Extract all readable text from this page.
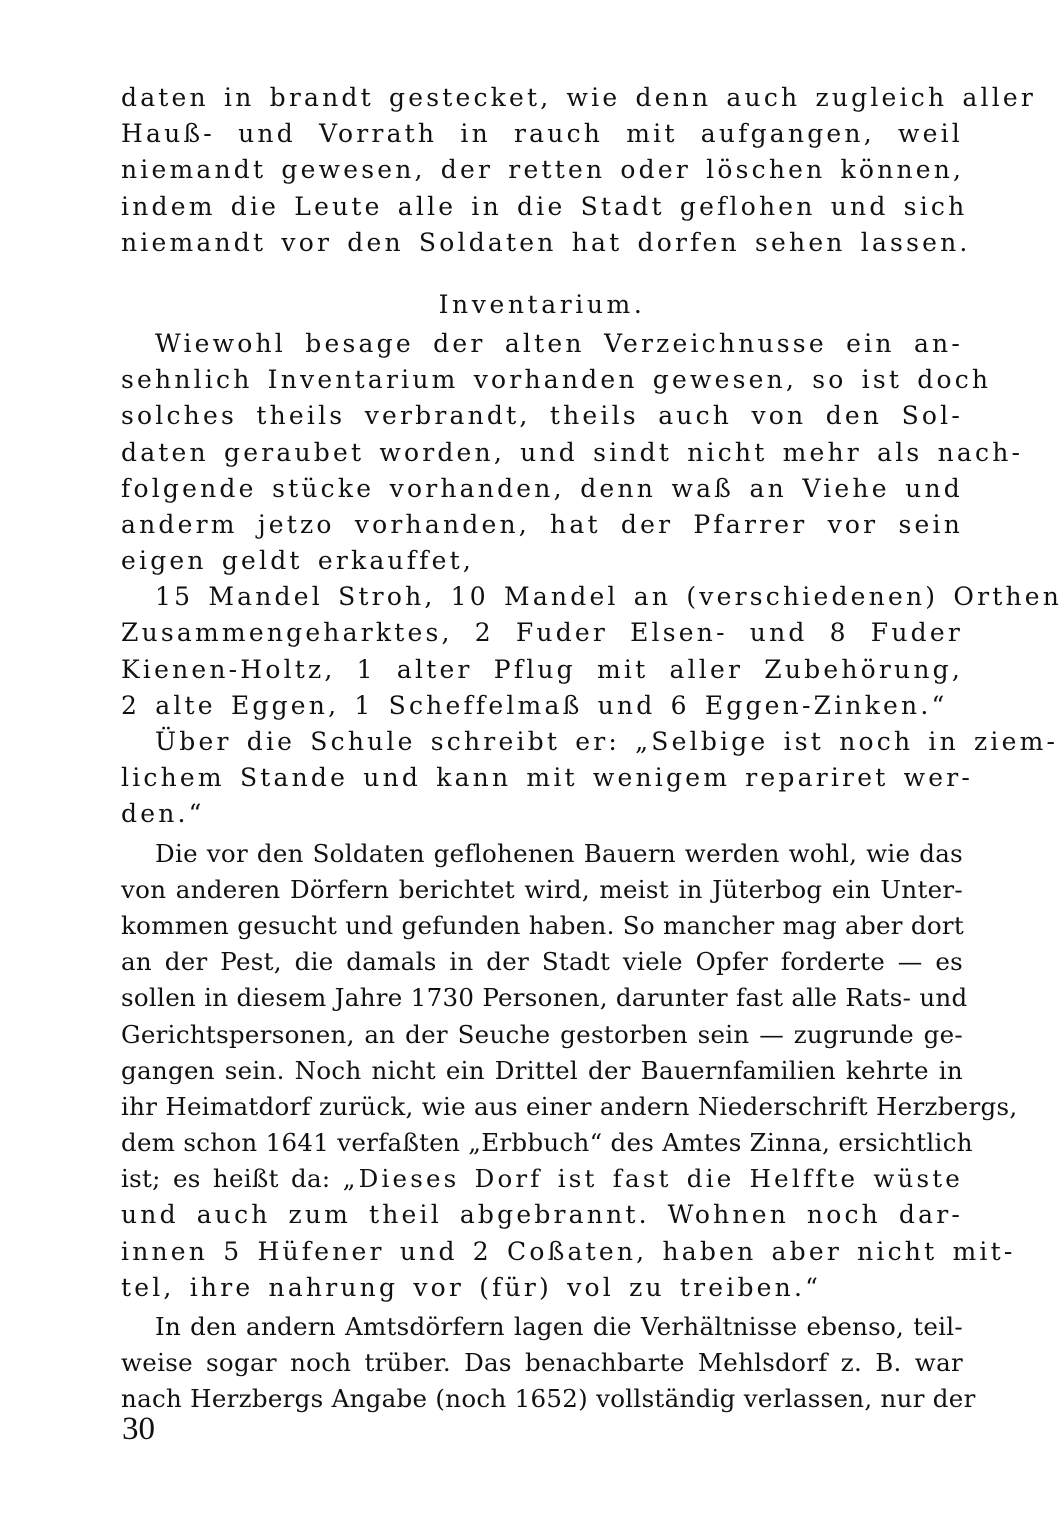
daten in brandt gestecket, wie denn auch zugleich aller
Hauß- und Vorrath in rauch mit aufgangen, weil
niemandt gewesen, der retten oder löschen können,
indem die Leute alle in die Stadt geflohen und sich
niemandt vor den Soldaten hat dorfen sehen lassen.
Inventarium.
Wiewohl besage der alten Verzeichnusse ein an-
sehnlich Inventarium vorhanden gewesen, so ist doch
solches theils verbrandt, theils auch von den Sol-
daten geraubet worden, und sindt nicht mehr als nach-
folgende stücke vorhanden, denn waß an Viehe und
anderm jetzo vorhanden, hat der Pfarrer vor sein
eigen geldt erkauffet,
15 Mandel Stroh, 10 Mandel an (verschiedenen) Orthen
Zusammengeharktes, 2 Fuder Elsen- und 8 Fuder
Kienen-Holtz, 1 alter Pflug mit aller Zubehörung,
2 alte Eggen, 1 Scheffelmaß und 6 Eggen-Zinken.“
Über die Schule schreibt er: „Selbige ist noch in ziem-
lichem Stande und kann mit wenigem repariret wer-
den.“
Die vor den Soldaten geflohenen Bauern werden wohl, wie das
von anderen Dörfern berichtet wird, meist in Jüterbog ein Unter-
kommen gesucht und gefunden haben. So mancher mag aber dort
an der Pest, die damals in der Stadt viele Opfer forderte — es
sollen in diesem Jahre 1730 Personen, darunter fast alle Rats- und
Gerichtspersonen, an der Seuche gestorben sein — zugrunde ge-
gangen sein. Noch nicht ein Drittel der Bauernfamilien kehrte in
ihr Heimatdorf zurück, wie aus einer andern Niederschrift Herzbergs,
dem schon 1641 verfaßten „Erbbuch“ des Amtes Zinna, ersichtlich
ist; es heißt da: „Dieses Dorf ist fast die Helffte wüste
und auch zum theil abgebrannt. Wohnen noch dar-
innen 5 Hüfener und 2 Coßaten, haben aber nicht mit-
tel, ihre nahrung vor (für) vol zu treiben.“
In den andern Amtsdörfern lagen die Verhältnisse ebenso, teil-
weise sogar noch trüber. Das benachbarte Mehlsdorf z. B. war
nach Herzbergs Angabe (noch 1652) vollständig verlassen, nur der
30
